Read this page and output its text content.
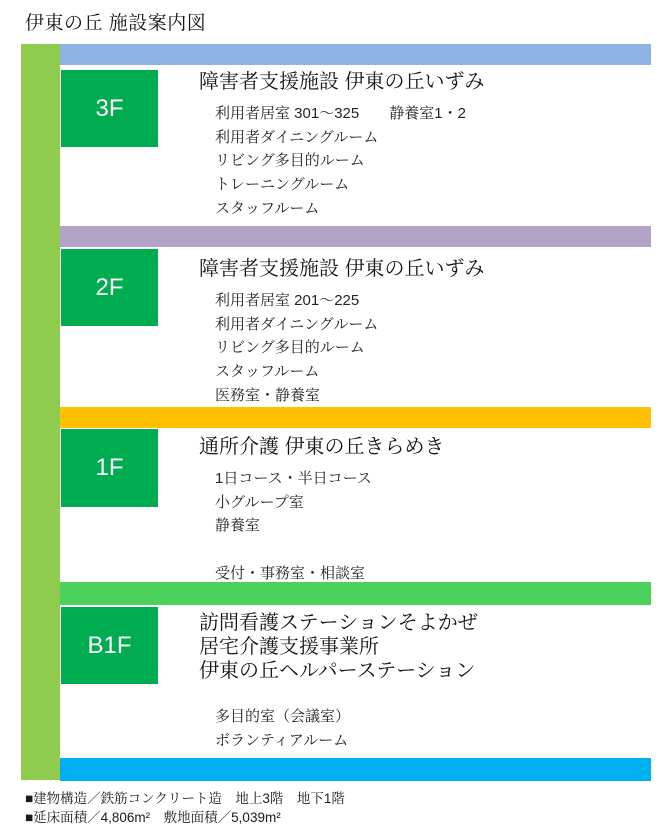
伊東の丘 施設案内図
3F
2F
1F
B1F
障害者支援施設 伊東の丘いずみ
利用者居室 301～325　　静養室1・2
利用者ダイニングルーム
リビング多目的ルーム
トレーニングルーム
スタッフルーム
障害者支援施設 伊東の丘いずみ
利用者居室 201～225
利用者ダイニングルーム
リビング多目的ルーム
スタッフルーム
医務室・静養室
通所介護 伊東の丘きらめき
1日コース・半日コース
小グループ室
静養室

受付・事務室・相談室
訪問看護ステーションそよかぜ
居宅介護支援事業所
伊東の丘ヘルパーステーション
多目的室（会議室）
ボランティアルーム
■建物構造／鉄筋コンクリート造　地上3階　地下1階
■延床面積／4,806m²　敷地面積／5,039m²
